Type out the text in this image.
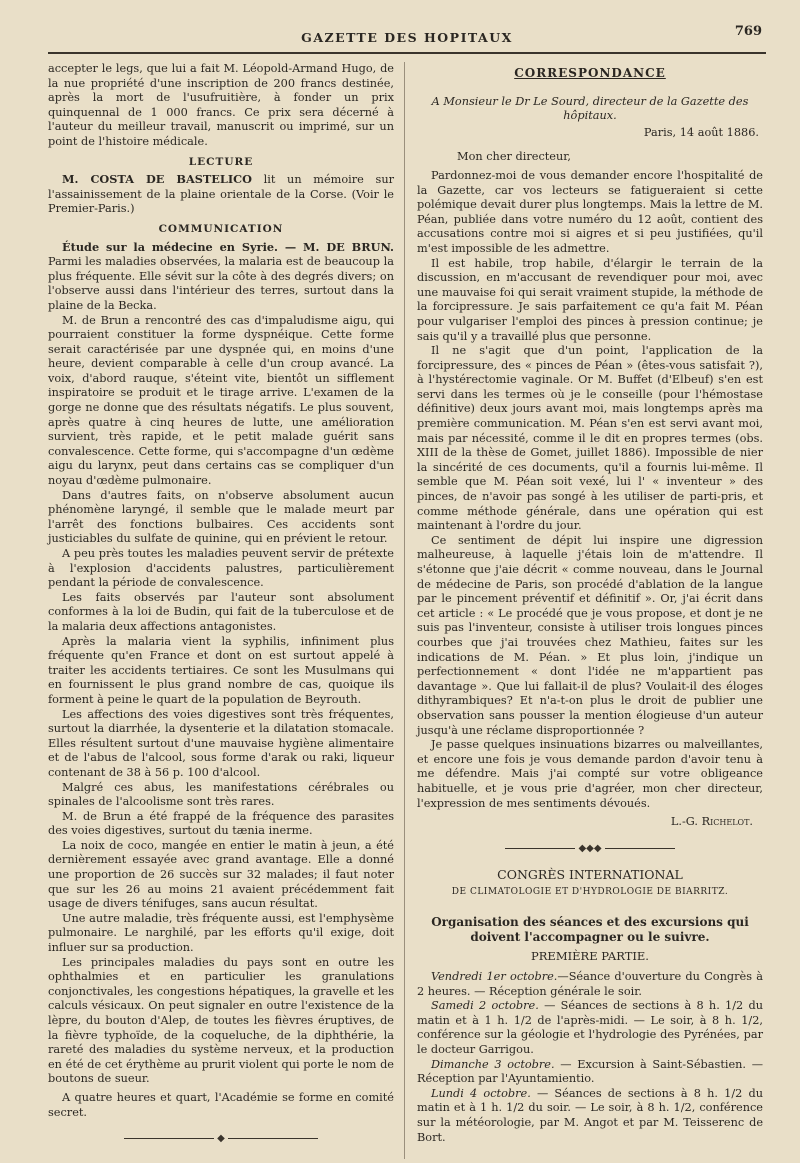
GAZETTE DES HOPITAUX	769

accepter le legs, que lui a fait M. Léopold-Armand Hugo, de la nue propriété d'une inscription de 200 francs destinée, après la mort de l'usufruitière, à fonder un prix quinquennal de 1 000 francs. Ce prix sera décerné à l'auteur du meilleur travail, manuscrit ou imprimé, sur un point de l'histoire médicale.

LECTURE

M. COSTA DE BASTELICO lit un mémoire sur l'assainissement de la plaine orientale de la Corse. (Voir le Premier-Paris.)

COMMUNICATION

Étude sur la médecine en Syrie. — M. DE BRUN. Parmi les maladies observées, la malaria est de beaucoup la plus fréquente. Elle sévit sur la côte à des degrés divers; on l'observe aussi dans l'intérieur des terres, surtout dans la plaine de la Becka.

M. de Brun a rencontré des cas d'impaludisme aigu, qui pourraient constituer la forme dyspnéique. Cette forme serait caractérisée par une dyspnée qui, en moins d'une heure, devient comparable à celle d'un croup avancé. La voix, d'abord rauque, s'éteint vite, bientôt un sifflement inspiratoire se produit et le tirage arrive. L'examen de la gorge ne donne que des résultats négatifs. Le plus souvent, après quatre à cinq heures de lutte, une amélioration survient, très rapide, et le petit malade guérit sans convalescence. Cette forme, qui s'accompagne d'un œdème aigu du larynx, peut dans certains cas se compliquer d'un noyau d'œdème pulmonaire.

Dans d'autres faits, on n'observe absolument aucun phénomène laryngé, il semble que le malade meurt par l'arrêt des fonctions bulbaires. Ces accidents sont justiciables du sulfate de quinine, qui en prévient le retour.

A peu près toutes les maladies peuvent servir de prétexte à l'explosion d'accidents palustres, particulièrement pendant la période de convalescence.

Les faits observés par l'auteur sont absolument conformes à la loi de Budin, qui fait de la tuberculose et de la malaria deux affections antagonistes.

Après la malaria vient la syphilis, infiniment plus fréquente qu'en France et dont on est surtout appelé à traiter les accidents tertiaires. Ce sont les Musulmans qui en fournissent le plus grand nombre de cas, quoique ils forment à peine le quart de la population de Beyrouth.

Les affections des voies digestives sont très fréquentes, surtout la diarrhée, la dysenterie et la dilatation stomacale. Elles résultent surtout d'une mauvaise hygiène alimentaire et de l'abus de l'alcool, sous forme d'arak ou raki, liqueur contenant de 38 à 56 p. 100 d'alcool.

Malgré ces abus, les manifestations cérébrales ou spinales de l'alcoolisme sont très rares.

M. de Brun a été frappé de la fréquence des parasites des voies digestives, surtout du tænia inerme.

La noix de coco, mangée en entier le matin à jeun, a été dernièrement essayée avec grand avantage. Elle a donné une proportion de 26 succès sur 32 malades; il faut noter que sur les 26 au moins 21 avaient précédemment fait usage de divers ténifuges, sans aucun résultat.

Une autre maladie, très fréquente aussi, est l'emphysème pulmonaire. Le narghilé, par les efforts qu'il exige, doit influer sur sa production.

Les principales maladies du pays sont en outre les ophthalmies et en particulier les granulations conjonctivales, les congestions hépatiques, la gravelle et les calculs vésicaux. On peut signaler en outre l'existence de la lèpre, du bouton d'Alep, de toutes les fièvres éruptives, de la fièvre typhoïde, de la coqueluche, de la diphthérie, la rareté des maladies du système nerveux, et la production en été de cet érythème au prurit violent qui porte le nom de boutons de sueur.

A quatre heures et quart, l'Académie se forme en comité secret.

◆
CORRESPONDANCE
A Monsieur le Dr Le Sourd, directeur de la Gazette des hôpitaux.
Paris, 14 août 1886.

Mon cher directeur,

Pardonnez-moi de vous demander encore l'hospitalité de la Gazette, car vos lecteurs se fatigueraient si cette polémique devait durer plus longtemps. Mais la lettre de M. Péan, publiée dans votre numéro du 12 août, contient des accusations contre moi si aigres et si peu justifiées, qu'il m'est impossible de les admettre.

Il est habile, trop habile, d'élargir le terrain de la discussion, en m'accusant de revendiquer pour moi, avec une mauvaise foi qui serait vraiment stupide, la méthode de la forcipressure. Je sais parfaitement ce qu'a fait M. Péan pour vulgariser l'emploi des pinces à pression continue; je sais qu'il y a travaillé plus que personne.

Il ne s'agit que d'un point, l'application de la forcipressure, des « pinces de Péan » (êtes-vous satisfait ?), à l'hystérectomie vaginale. Or M. Buffet (d'Elbeuf) s'en est servi dans les termes où je le conseille (pour l'hémostase définitive) deux jours avant moi, mais longtemps après ma première communication. M. Péan s'en est servi avant moi, mais par nécessité, comme il le dit en propres termes (obs. XIII de la thèse de Gomet, juillet 1886). Impossible de nier la sincérité de ces documents, qu'il a fournis lui-même. Il semble que M. Péan soit vexé, lui l' « inventeur » des pinces, de n'avoir pas songé à les utiliser de parti-pris, et comme méthode générale, dans une opération qui est maintenant à l'ordre du jour.

Ce sentiment de dépit lui inspire une digression malheureuse, à laquelle j'étais loin de m'attendre. Il s'étonne que j'aie décrit « comme nouveau, dans le Journal de médecine de Paris, son procédé d'ablation de la langue par le pincement préventif et définitif ». Or, j'ai écrit dans cet article : « Le procédé que je vous propose, et dont je ne suis pas l'inventeur, consiste à utiliser trois longues pinces courbes que j'ai trouvées chez Mathieu, faites sur les indications de M. Péan. » Et plus loin, j'indique un perfectionnement « dont l'idée ne m'appartient pas davantage ». Que lui fallait-il de plus? Voulait-il des éloges dithyrambiques? Et n'a-t-on plus le droit de publier une observation sans pousser la mention élogieuse d'un auteur jusqu'à une réclame disproportionnée ?

Je passe quelques insinuations bizarres ou malveillantes, et encore une fois je vous demande pardon d'avoir tenu à me défendre. Mais j'ai compté sur votre obligeance habituelle, et je vous prie d'agréer, mon cher directeur, l'expression de mes sentiments dévoués.

L.-G. Richelot.
◆◆◆
CONGRÈS INTERNATIONAL
DE CLIMATOLOGIE ET D'HYDROLOGIE DE BIARRITZ.
Organisation des séances et des excursions qui doivent l'accompagner ou le suivre.
PREMIÈRE PARTIE.

Vendredi 1er octobre.—Séance d'ouverture du Congrès à 2 heures. — Réception générale le soir.

Samedi 2 octobre. — Séances de sections à 8 h. 1/2 du matin et à 1 h. 1/2 de l'après-midi. — Le soir, à 8 h. 1/2, conférence sur la géologie et l'hydrologie des Pyrénées, par le docteur Garrigou.

Dimanche 3 octobre. — Excursion à Saint-Sébastien. — Réception par l'Ayuntamientio.

Lundi 4 octobre. — Séances de sections à 8 h. 1/2 du matin et à 1 h. 1/2 du soir. — Le soir, à 8 h. 1/2, conférence sur la météorologie, par M. Angot et par M. Teisserenc de Bort.
